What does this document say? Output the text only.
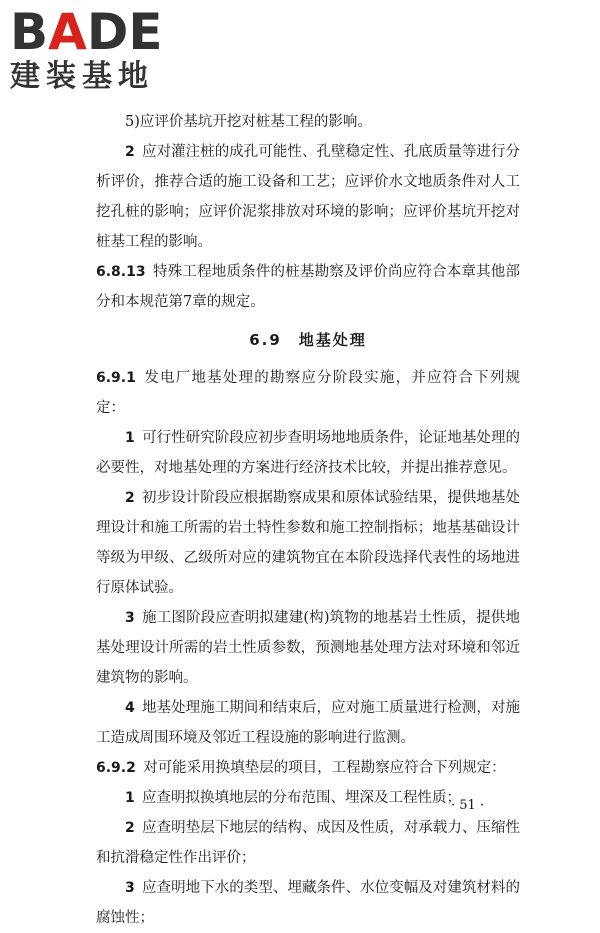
BADE
建装基地

5)应评价基坑开挖对桩基工程的影响。

2  应对灌注桩的成孔可能性、孔壁稳定性、孔底质量等进行分析评价，推荐合适的施工设备和工艺；应评价水文地质条件对人工挖孔桩的影响；应评价泥浆排放对环境的影响；应评价基坑开挖对桩基工程的影响。

6.8.13  特殊工程地质条件的桩基勘察及评价尚应符合本章其他部分和本规范第7章的规定。

6.9　地基处理

6.9.1  发电厂地基处理的勘察应分阶段实施，并应符合下列规定：

1  可行性研究阶段应初步查明场地地质条件，论证地基处理的必要性，对地基处理的方案进行经济技术比较，并提出推荐意见。

2  初步设计阶段应根据勘察成果和原体试验结果，提供地基处理设计和施工所需的岩土特性参数和施工控制指标；地基基础设计等级为甲级、乙级所对应的建筑物宜在本阶段选择代表性的场地进行原体试验。

3  施工图阶段应查明拟建建(构)筑物的地基岩土性质，提供地基处理设计所需的岩土性质参数，预测地基处理方法对环境和邻近建筑物的影响。

4  地基处理施工期间和结束后，应对施工质量进行检测，对施工造成周围环境及邻近工程设施的影响进行监测。

6.9.2  对可能采用换填垫层的项目，工程勘察应符合下列规定：

1  应查明拟换填地层的分布范围、埋深及工程性质；

2  应查明垫层下地层的结构、成因及性质，对承载力、压缩性和抗滑稳定性作出评价；

3  应查明地下水的类型、埋藏条件、水位变幅及对建筑材料的腐蚀性；

· 51 ·
